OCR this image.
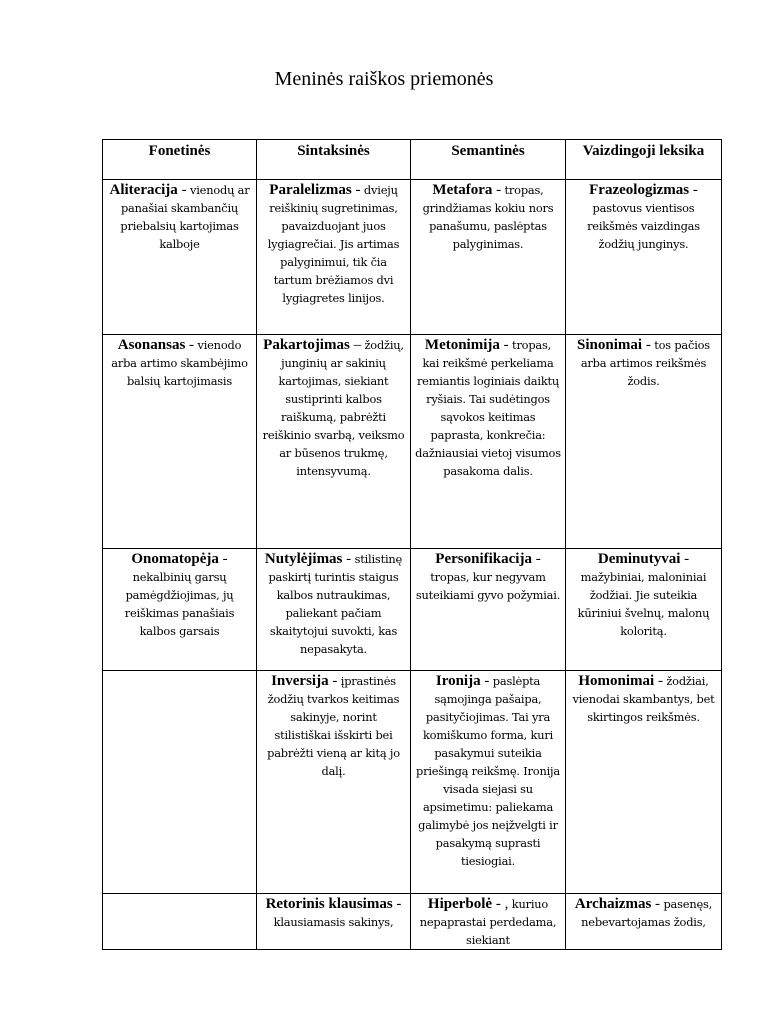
Meninės raiškos priemonės
Fonetinės	Sintaksinės	Semantinės	Vaizdingoji leksika

Aliteracija - vienodų ar panašiai skambančių priebalsių kartojimas kalboje	Paralelizmas - dviejų reiškinių sugretinimas, pavaizduojant juos lygiagrečiai. Jis artimas palyginimui, tik čia tartum brėžiamos dvi lygiagretes linijos.	Metafora - tropas, grindžiamas kokiu nors panašumu, paslėptas palyginimas.	Frazeologizmas - pastovus vientisos reikšmės vaizdingas žodžių junginys.

Asonansas - vienodo arba artimo skambėjimo balsių kartojimasis	Pakartojimas – žodžių, junginių ar sakinių kartojimas, siekiant sustiprinti kalbos raiškumą, pabrėžti reiškinio svarbą, veiksmo ar būsenos trukmę, intensyvumą.	Metonimija - tropas, kai reikšmė perkeliama remiantis loginiais daiktų ryšiais. Tai sudėtingos sąvokos keitimas paprasta, konkrečia: dažniausiai vietoj visumos pasakoma dalis.	Sinonimai - tos pačios arba artimos reikšmės žodis.

Onomatopėja - nekalbinių garsų pamėgdžiojimas, jų reiškimas panašiais kalbos garsais	Nutylėjimas - stilistinę paskirtį turintis staigus kalbos nutraukimas, paliekant pačiam skaitytojui suvokti, kas nepasakyta.	Personifikacija - tropas, kur negyvam suteikiami gyvo požymiai.	Deminutyvai - mažybiniai, maloniniai žodžiai. Jie suteikia kūriniui švelnų, malonų koloritą.

	Inversija - įprastinės žodžių tvarkos keitimas sakinyje, norint stilistiškai išskirti bei pabrėžti vieną ar kitą jo dalį.	Ironija - paslėpta sąmojinga pašaipa, pasityčiojimas. Tai yra komiškumo forma, kuri pasakymui suteikia priešingą reikšmę. Ironija visada siejasi su apsimetimu: paliekama galimybė jos neįžvelgti ir pasakymą suprasti tiesiogiai.	Homonimai - žodžiai, vienodai skambantys, bet skirtingos reikšmės.

	Retorinis klausimas - klausiamasis sakinys,	Hiperbolė - , kuriuo nepaprastai perdedama, siekiant	Archaizmas - pasenęs, nebevartojamas žodis,
